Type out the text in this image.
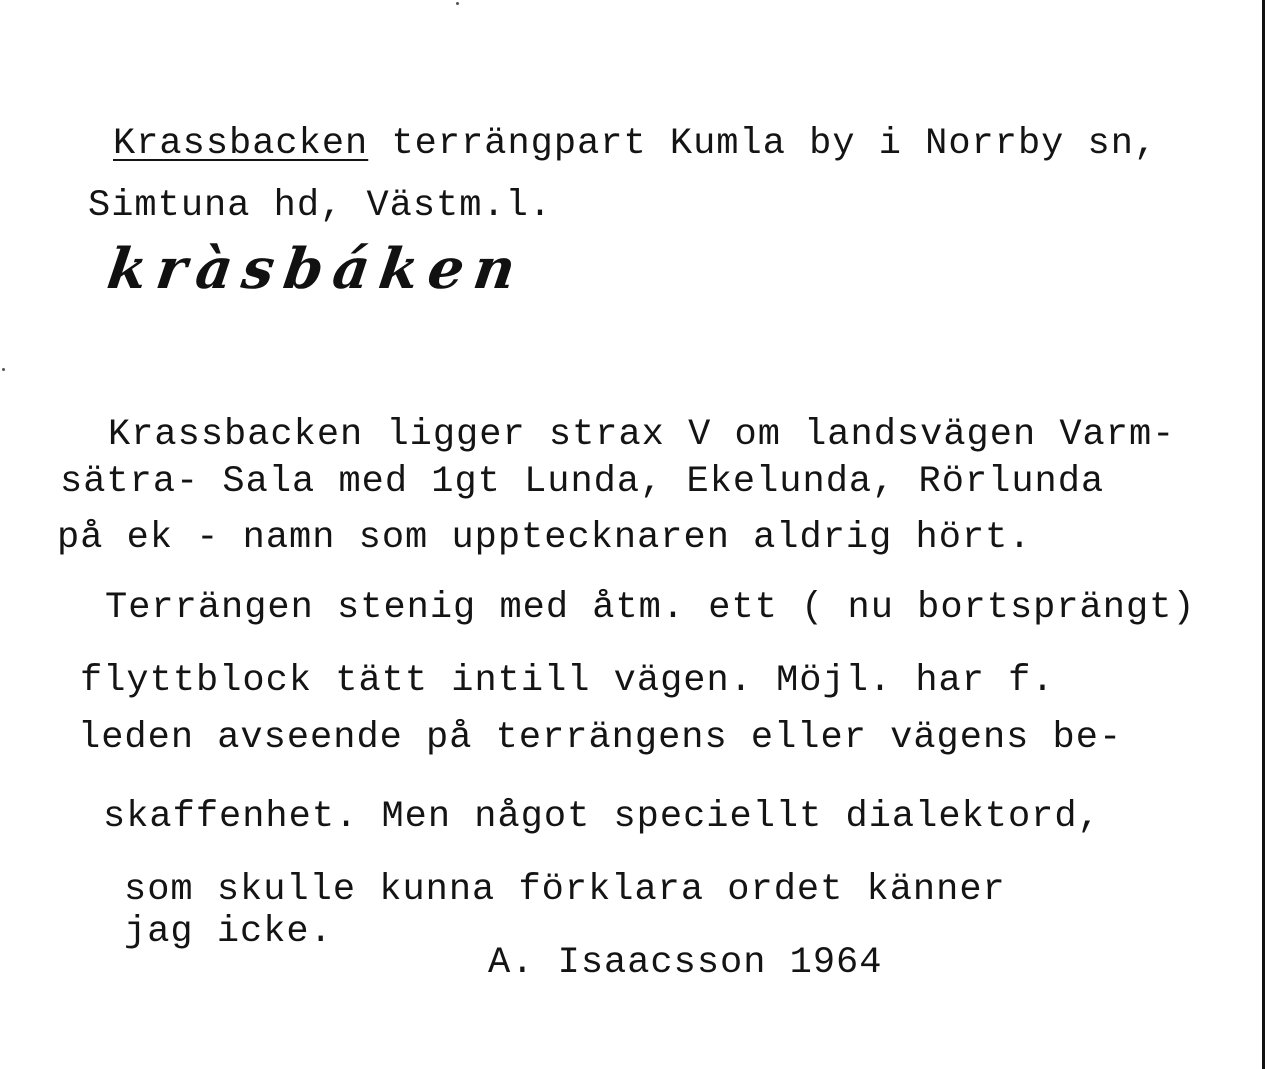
Krassbacken terrängpart Kumla by i Norrby sn,
Simtuna hd, Västm.l.
kràsbáken
Krassbacken ligger strax V om landsvägen Varm-
sätra- Sala med 1gt Lunda, Ekelunda, Rörlunda
på ek - namn som upptecknaren aldrig hört.
Terrängen stenig med åtm. ett ( nu bortsprängt)
flyttblock tätt intill vägen. Möjl. har f.
leden avseende på terrängens eller vägens be-
skaffenhet. Men något speciellt dialektord,
som skulle kunna förklara ordet känner
jag icke.
A. Isaacsson 1964
